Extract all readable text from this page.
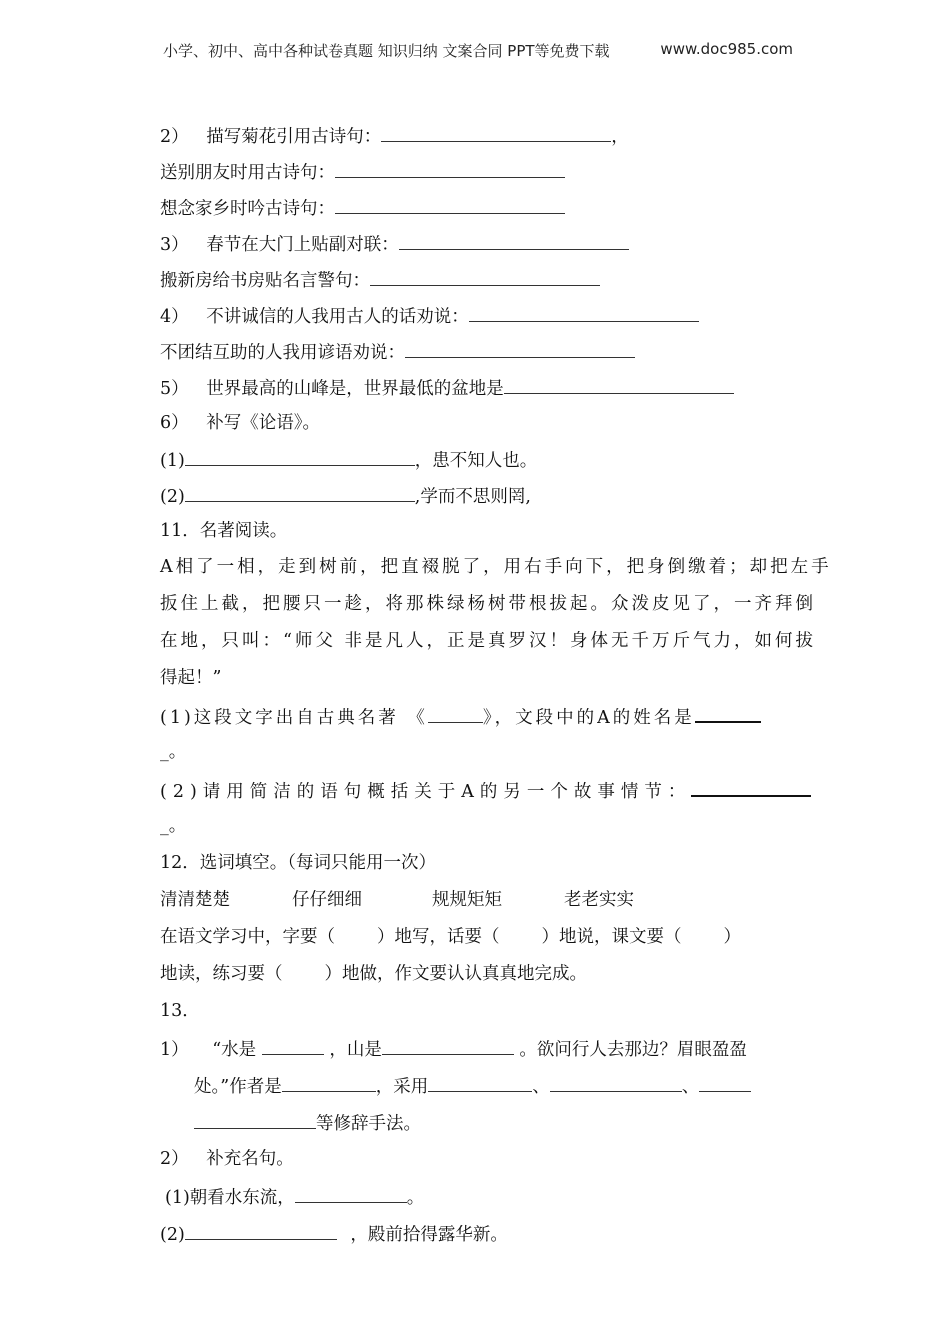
小学、初中、高中各种试卷真题 知识归纳 文案合同 PPT等免费下载	www.doc985.com
2） 描写菊花引用古诗句：	，
送别朋友时用古诗句：
想念家乡时吟古诗句：
3） 春节在大门上贴副对联：
搬新房给书房贴名言警句：
4） 不讲诚信的人我用古人的话劝说：
不团结互助的人我用谚语劝说：
5） 世界最高的山峰是，世界最低的盆地是
6） 补写《论语》。
(1)	，患不知人也。
(2)	,学而不思则罔,
11．名著阅读。
A相了一相，走到树前，把直裰脱了，用右手向下，把身倒缴着；却把左手
扳住上截，把腰只一趁，将那株绿杨树带根拔起。众泼皮见了，一齐拜倒
在地，只叫：“师父 非是凡人，正是真罗汉！身体无千万斤气力，如何拔
得起！”
(1)这段文字出自古典名著 《	》，文段中的A的姓名是
_。
(2)请用简洁的语句概括关于A的另一个故事情节：
_。
12．选词填空。（每词只能用一次）
清清楚楚	仔仔细细	规规矩矩	老老实实
在语文学习中，字要（ ）地写，话要（ ）地说，课文要（ ）
地读，练习要（ ）地做，作文要认认真真地完成。
13．
1） “水是	，山是	。欲问行人去那边？眉眼盈盈
处。”作者是	，采用	、	、
等修辞手法。
2） 补充名句。
(1)朝看水东流，	。
(2)	，殿前拾得露华新。
